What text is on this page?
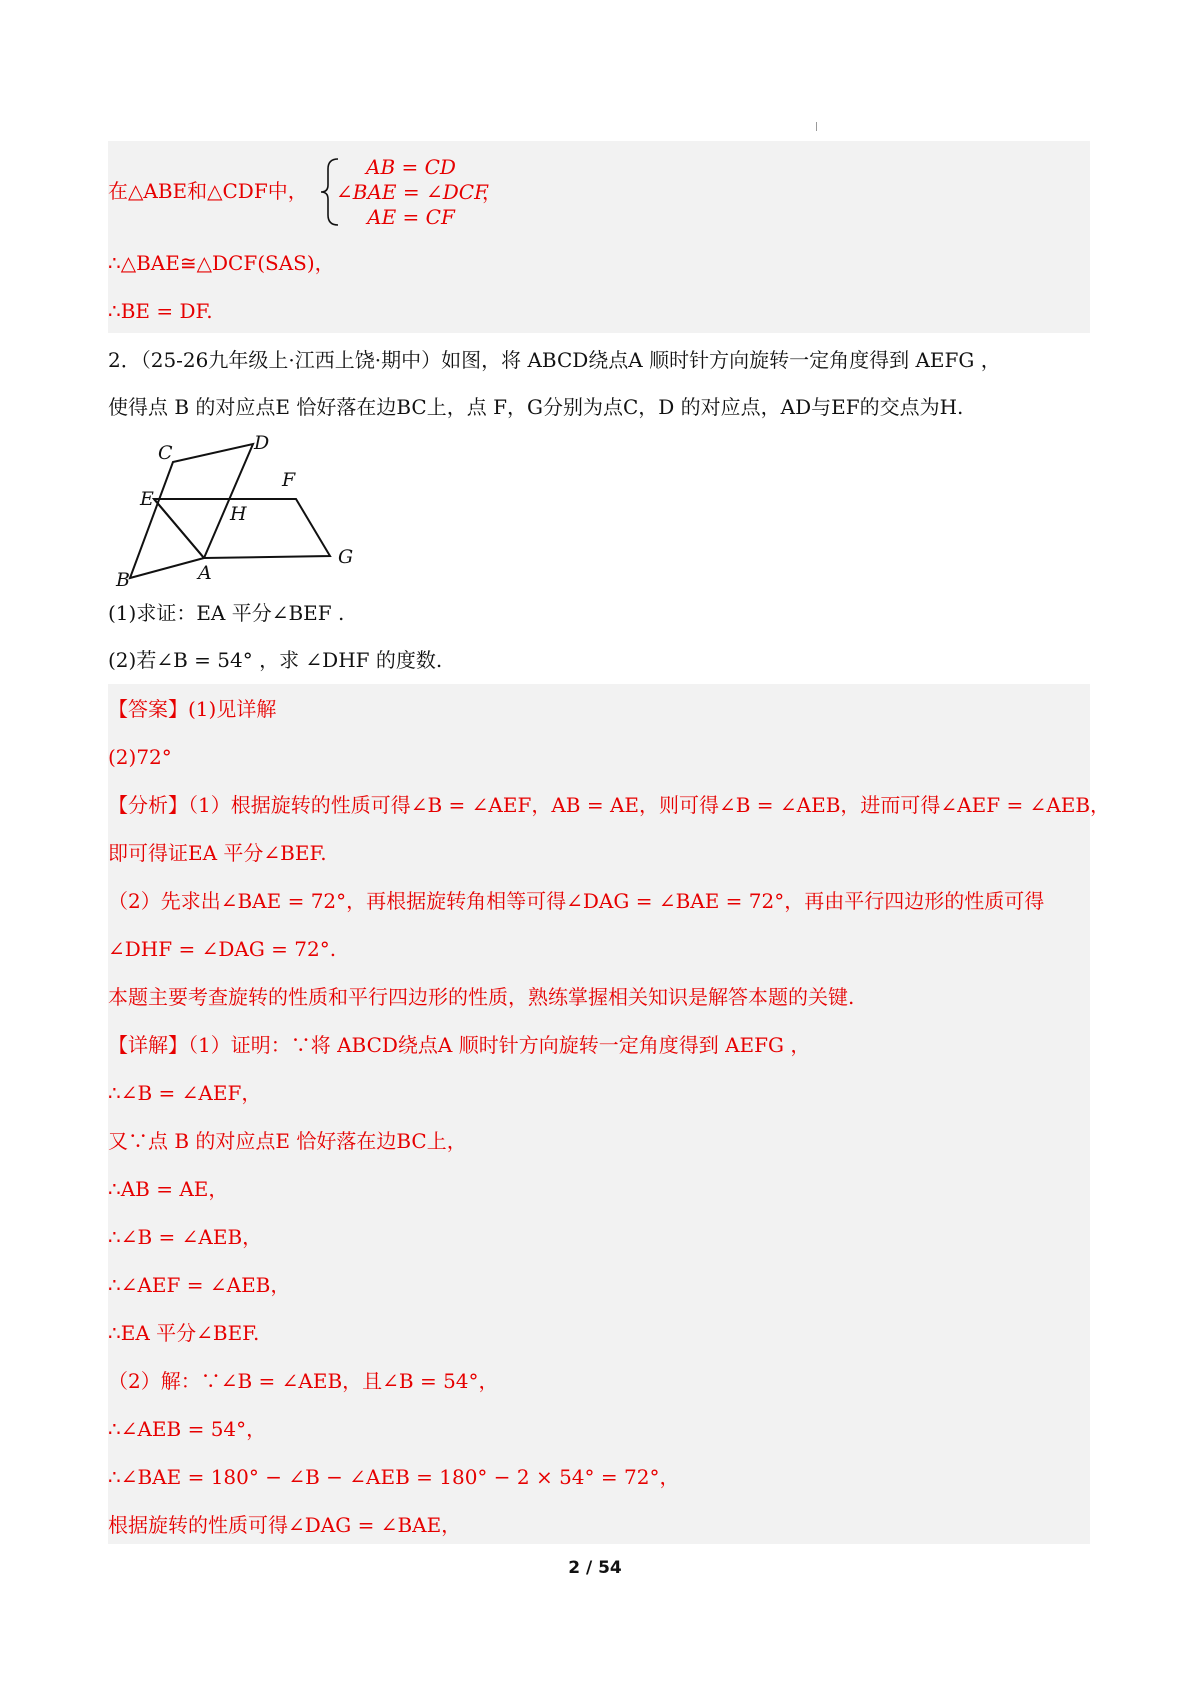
在△ABE和△CDF中，
AB = CD
∠BAE = ∠DCF
AE = CF
，
∴△BAE≅△DCF(SAS)，
∴BE = DF.
2．（25-26九年级上·江西上饶·期中）如图，将 ABCD绕点A 顺时针方向旋转一定角度得到 AEFG ，
使得点 B 的对应点E 恰好落在边BC上，点 F，G分别为点C，D 的对应点，AD与EF的交点为H.
C	D
E
F
H
B	A
G
(1)求证：EA 平分∠BEF .
(2)若∠B = 54° ，求 ∠DHF 的度数.
【答案】(1)见详解
(2)72°
【分析】（1）根据旋转的性质可得∠B = ∠AEF，AB = AE，则可得∠B = ∠AEB，进而可得∠AEF = ∠AEB，
即可得证EA 平分∠BEF.
（2）先求出∠BAE = 72°，再根据旋转角相等可得∠DAG = ∠BAE = 72°，再由平行四边形的性质可得
∠DHF = ∠DAG = 72°.
本题主要考查旋转的性质和平行四边形的性质，熟练掌握相关知识是解答本题的关键.
【详解】（1）证明：∵将 ABCD绕点A 顺时针方向旋转一定角度得到 AEFG ，
∴∠B = ∠AEF，
又∵点 B 的对应点E 恰好落在边BC上，
∴AB = AE，
∴∠B = ∠AEB，
∴∠AEF = ∠AEB，
∴EA 平分∠BEF.
（2）解：∵∠B = ∠AEB，且∠B = 54°，
∴∠AEB = 54°，
∴∠BAE = 180° − ∠B − ∠AEB = 180° − 2 × 54° = 72°，
根据旋转的性质可得∠DAG = ∠BAE，
2 / 54
